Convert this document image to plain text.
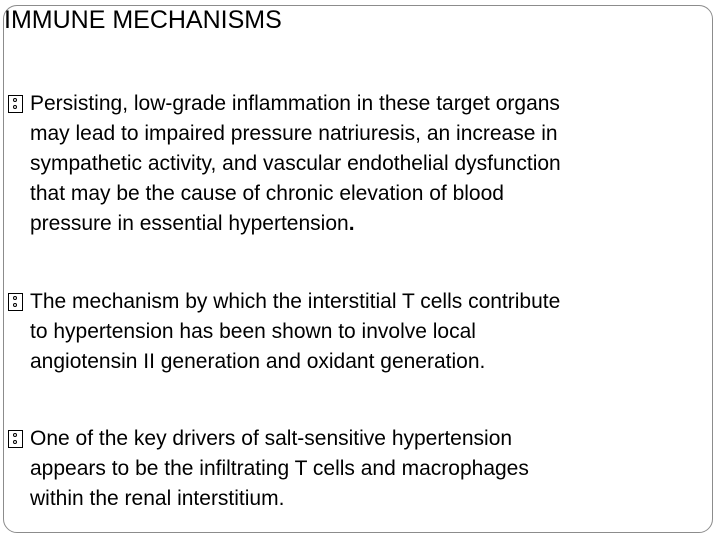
IMMUNE MECHANISMS
Persisting, low-grade inflammation in these target organs
may lead to impaired pressure natriuresis, an increase in
sympathetic activity, and vascular endothelial dysfunction
that may be the cause of chronic elevation of blood
pressure in essential hypertension.
The mechanism by which the interstitial T cells contribute
to hypertension has been shown to involve local
angiotensin II generation and oxidant generation.
One of the key drivers of salt-sensitive hypertension
appears to be the infiltrating T cells and macrophages
within the renal interstitium.
